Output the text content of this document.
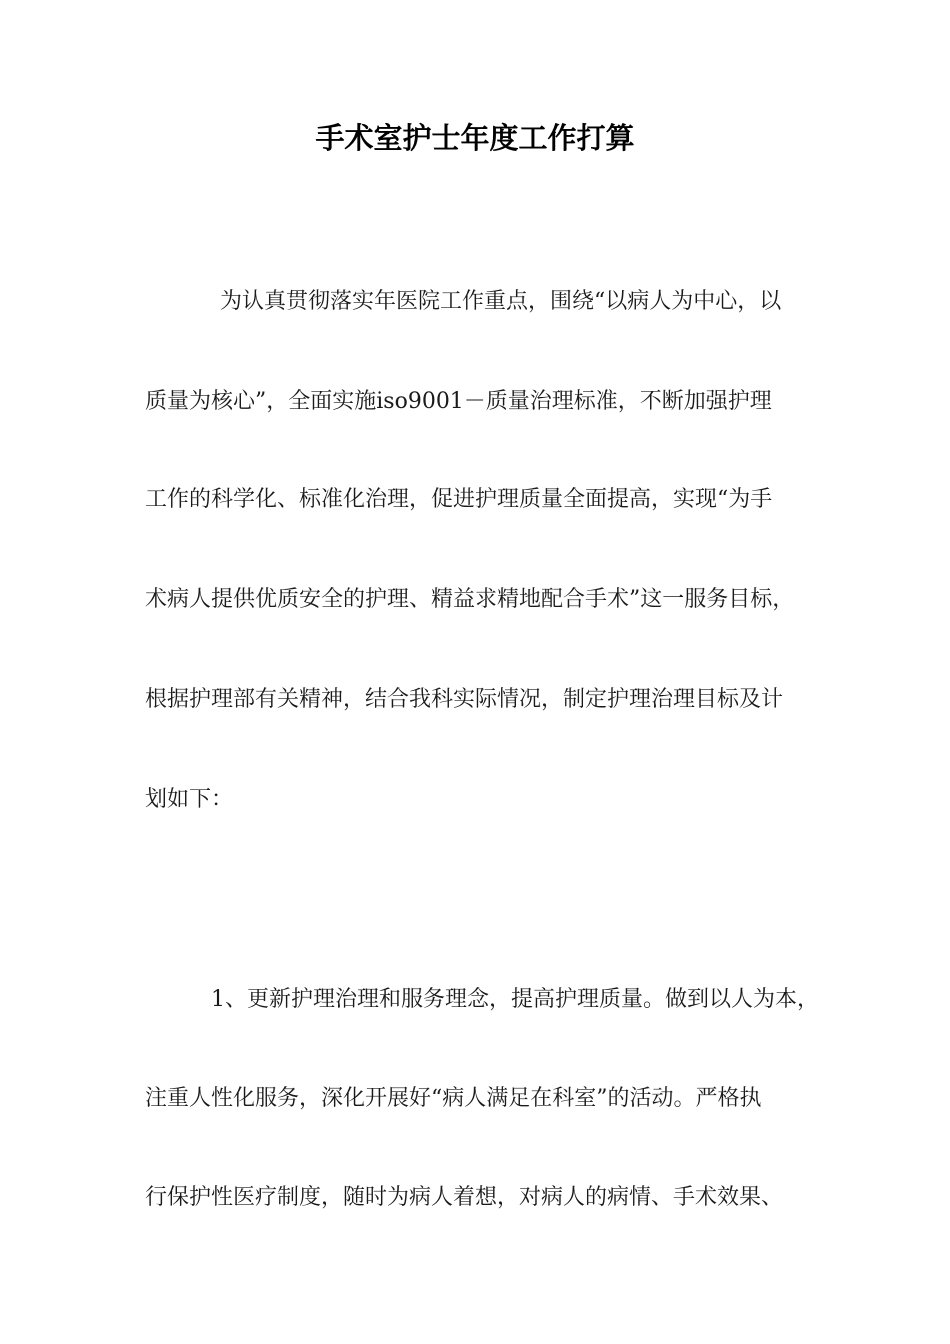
手术室护士年度工作打算
为认真贯彻落实年医院工作重点，围绕“以病人为中心，以
质量为核心”，全面实施iso9001－质量治理标准，不断加强护理
工作的科学化、标准化治理，促进护理质量全面提高，实现“为手
术病人提供优质安全的护理、精益求精地配合手术”这一服务目标，
根据护理部有关精神，结合我科实际情况，制定护理治理目标及计
划如下：
1、更新护理治理和服务理念，提高护理质量。做到以人为本，
注重人性化服务，深化开展好“病人满足在科室”的活动。严格执
行保护性医疗制度，随时为病人着想，对病人的病情、手术效果、
